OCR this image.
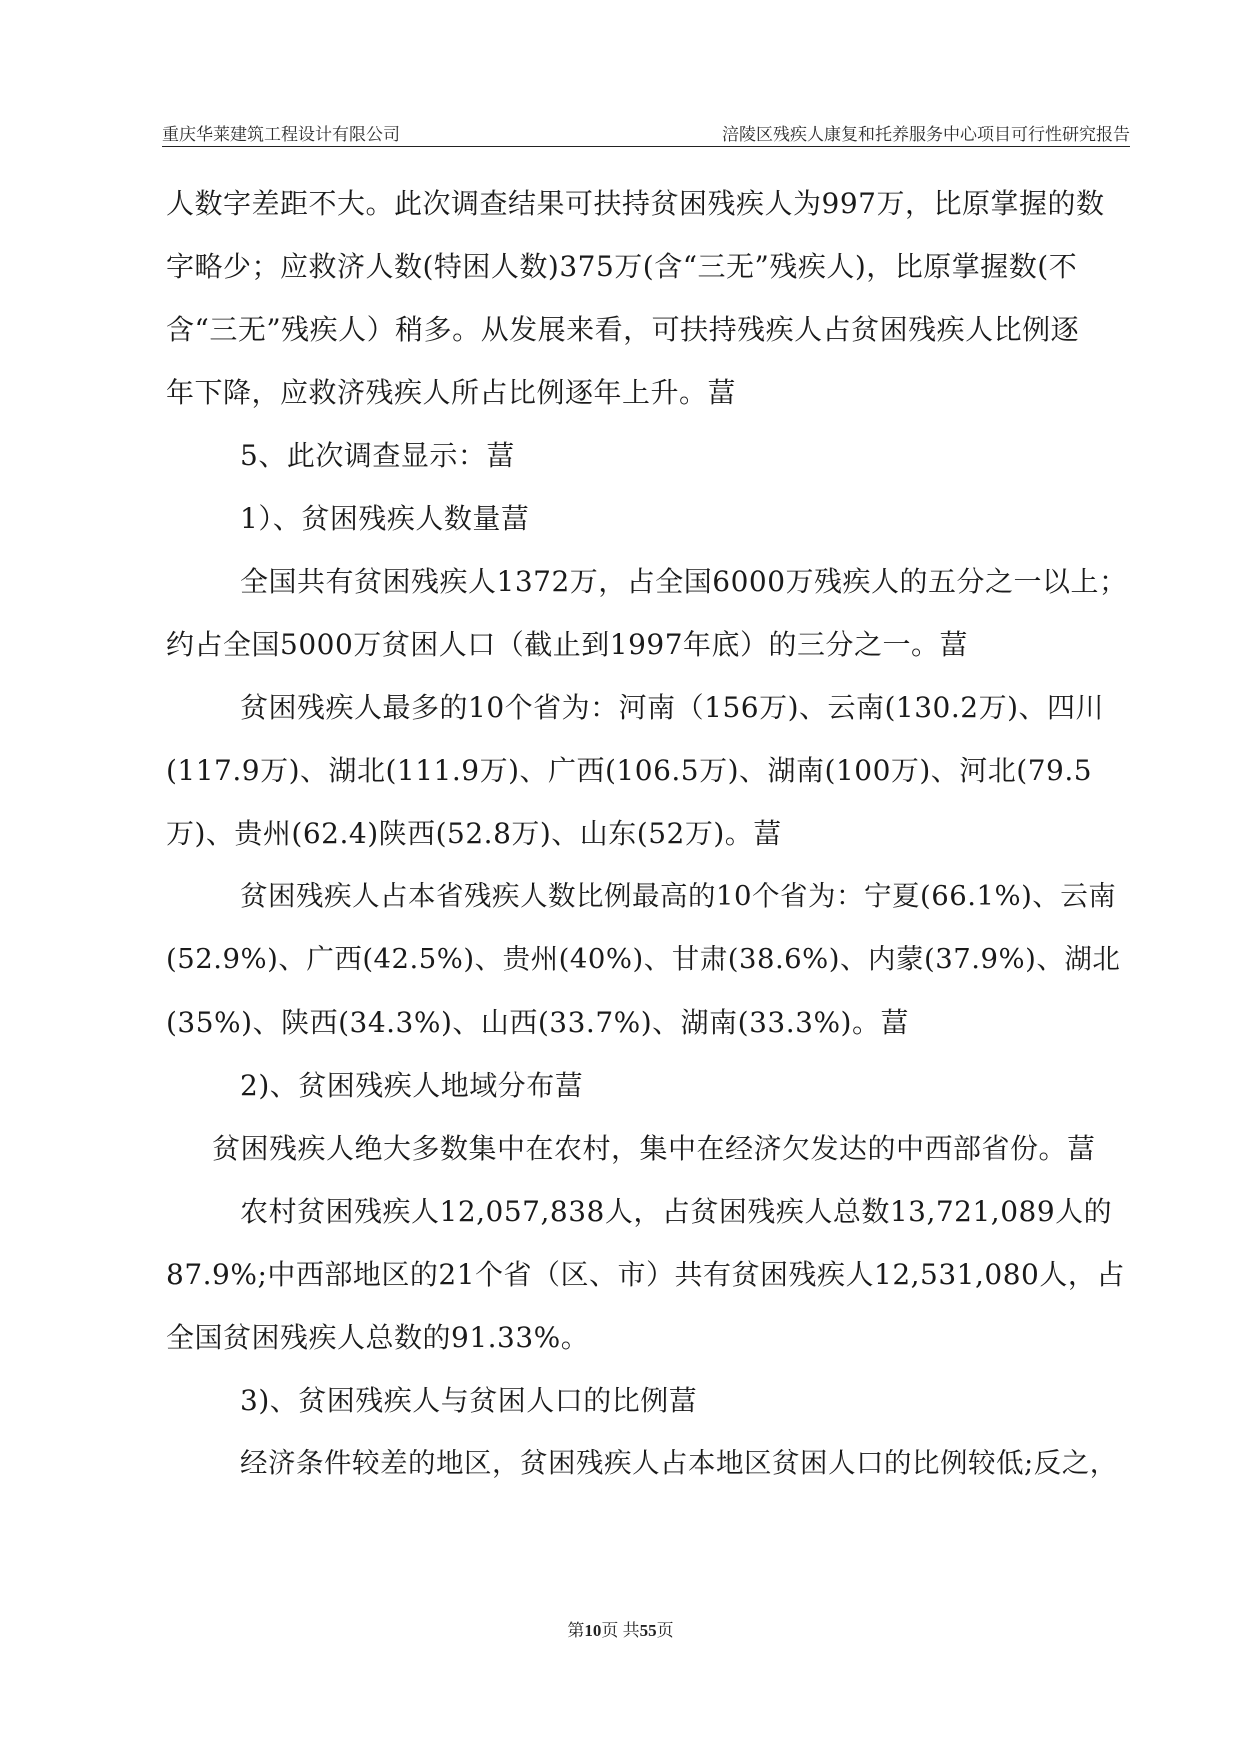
重庆华莱建筑工程设计有限公司	涪陵区残疾人康复和托养服务中心项目可行性研究报告
人数字差距不大。此次调查结果可扶持贫困残疾人为997万，比原掌握的数
字略少；应救济人数(特困人数)375万(含“三无”残疾人)，比原掌握数(不
含“三无”残疾人）稍多。从发展来看，可扶持残疾人占贫困残疾人比例逐
年下降，应救济残疾人所占比例逐年上升。葍
5、此次调查显示：葍
1）、贫困残疾人数量葍
全国共有贫困残疾人1372万，占全国6000万残疾人的五分之一以上；
约占全国5000万贫困人口（截止到1997年底）的三分之一。葍
贫困残疾人最多的10个省为：河南（156万)、云南(130.2万)、四川
(117.9万)、湖北(111.9万)、广西(106.5万)、湖南(100万)、河北(79.5
万)、贵州(62.4)陕西(52.8万)、山东(52万)。葍
贫困残疾人占本省残疾人数比例最高的10个省为：宁夏(66.1%)、云南
(52.9%)、广西(42.5%)、贵州(40%)、甘肃(38.6%)、内蒙(37.9%)、湖北
(35%)、陕西(34.3%)、山西(33.7%)、湖南(33.3%)。葍
2)、贫困残疾人地域分布葍
贫困残疾人绝大多数集中在农村，集中在经济欠发达的中西部省份。葍
农村贫困残疾人12,057,838人，占贫困残疾人总数13,721,089人的
87.9%;中西部地区的21个省（区、市）共有贫困残疾人12,531,080人，占
全国贫困残疾人总数的91.33%。
3)、贫困残疾人与贫困人口的比例葍
经济条件较差的地区，贫困残疾人占本地区贫困人口的比例较低;反之，
第10页 共55页
